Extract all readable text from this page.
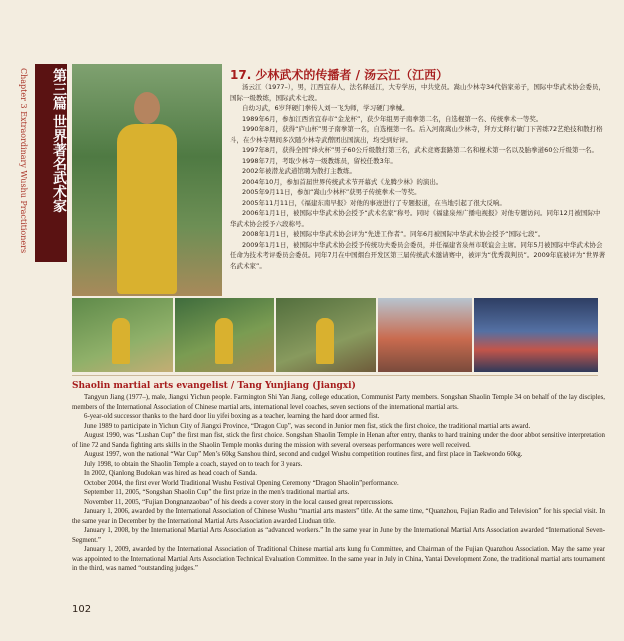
第三篇 世界著名武术家
Chapter 3 Extraordinary Wushu Practitioners	17. 少林武术的传播者 / 汤云江（江西）

汤云江（1977–），男，江西宜春人，法名释延江，大专学历，中共党员。嵩山少林寺34代俗家弟子，国际中华武术协会委员，国际一级教练，国际武术七段。

自幼习武，6岁拜硬门拳传人刘一飞为师，学习硬门拳械。

1989年6月，参加江西省宜春市“金龙杯”，获少年组男子南拳第二名，自选棍第一名、传统拳术一等奖。

1990年8月，获得“庐山杯”男子南拳第一名，自选棍第一名。后入河南嵩山少林寺，拜方丈释行敏门下苦练72艺绝技和散打格斗，在少林寺期间多次随少林寺武僧团出国演出，均受到好评。

1997年8月，获得全国“烽火杯”男子60公斤级散打第三名，武术竞赛套路第二名和棍术第一名以及胎拳道60公斤级第一名。

1998年7月，考取少林寺一级教练员，留校任教3年。

2002年被潜龙武道馆聘为散打主教练。

2004年10月，参加首届世界传统武术节开幕式《龙腾少林》的演出。

2005年9月11日，参加“嵩山少林杯”获男子传统拳术一等奖。

2005年11月11日，《福建东南早报》对他的事迹进行了专题报道，在当地引起了很大反响。

2006年1月1日，被国际中华武术协会授予“武术名家”称号。同时《福建泉州广播电视报》对他专题访问。同年12月被国际中华武术协会授予六段称号。

2008年1月1日，被国际中华武术协会评为“先进工作者”。同年6月被国际中华武术协会授予“国际七段”。

2009年1月1日，被国际中华武术协会授予传统功夫委员会委员，并任福建省泉州市联谊会主席。同年5月被国际中华武术协会任命为技术考评委员会委员。同年7月在中国烟台开发区第三届传统武术邀请赛中，被评为“优秀裁判员”。2009年底被评为“世界著名武术家”。

Shaolin martial arts evangelist / Tang Yunjiang (Jiangxi)

Tangyun Jiang (1977–), male, Jiangxi Yichun people. Farmington Shi Yan Jiang, college education, Communist Party members. Songshan Shaolin Temple 34 on behalf of the lay disciples, members of the International Association of Chinese martial arts, international level coaches, seven sections of the international martial arts.

6-year-old successor thanks to the hard door liu yifei boxing as a teacher, learning the hard door armed fist.

June 1989 to participate in Yichun City of Jiangxi Province, “Dragon Cup”, was second in Junior men fist, stick the first choice, the traditional martial arts award.

August 1990, was “Lushan Cup” the first man fist, stick the first choice. Songshan Shaolin Temple in Henan after entry, thanks to hard training under the door abbot sensitive interpretation of line 72 and Sanda fighting arts skills in the Shaolin Temple monks during the mission with several overseas performances were well received.

August 1997, won the national “War Cup” Men’s 60kg Sanshou third, second and cudgel Wushu competition routines first, and first place in Taekwondo 60kg.

July 1998, to obtain the Shaolin Temple a coach, stayed on to teach for 3 years.

In 2002, Qianlong Budokan was hired as head coach of Sanda.

October 2004, the first ever World Traditional Wushu Festival Opening Ceremony “Dragon Shaolin”performance.

September 11, 2005, “Songshan Shaolin Cup” the first prize in the men's traditional martial arts.

November 11, 2005, “Fujian Dongnanzaobao” of his deeds a cover story in the local caused great repercussions.

January 1, 2006, awarded by the International Association of Chinese Wushu “martial arts masters” title. At the same time, “Quanzhou, Fujian Radio and Television” for his special visit. In the same year in December by the International Martial Arts Association awarded Liuduan title.

January 1, 2008, by the International Martial Arts Association as “advanced workers.” In the same year in June by the International Martial Arts Association awarded “International Seven-Segment.”

January 1, 2009, awarded by the International Association of Traditional Chinese martial arts kung fu Committee, and Chairman of the Fujian Quanzhou Association. May the same year was appointed to the International Martial Arts Association Technical Evaluation Committee. In the same year in July in China, Yantai Development Zone, the traditional martial arts tournament in the third, was named “outstanding judges.”

102
